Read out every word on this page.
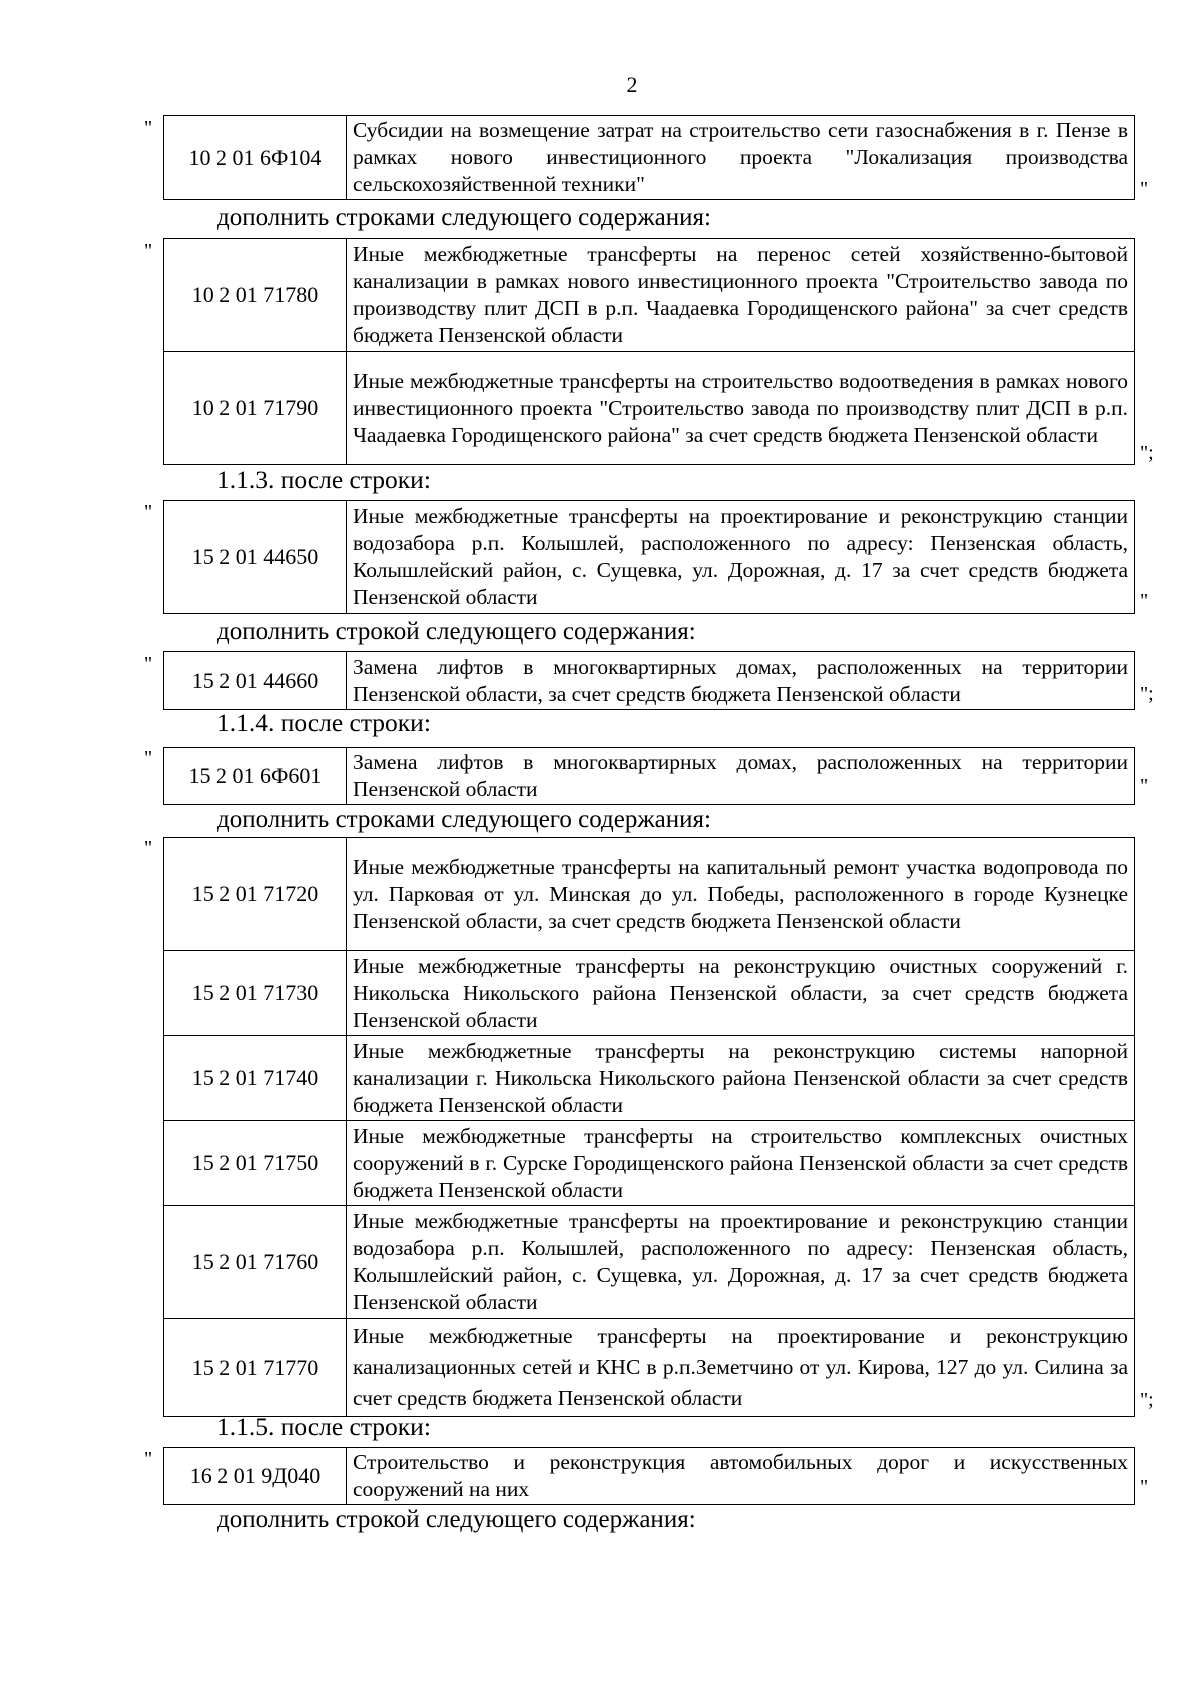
2
"
10 2 01 6Ф104	Субсидии на возмещение затрат на строительство сети газоснабжения в г. Пензе в рамках нового инвестиционного проекта "Локализация производства сельскохозяйственной техники"	"
дополнить строками следующего содержания:
"
10 2 01 71780	Иные межбюджетные трансферты на перенос сетей хозяйственно-бытовой канализации в рамках нового инвестиционного проекта "Строительство завода по производству плит ДСП в р.п. Чаадаевка Городищенского района" за счет средств бюджета Пензенской области
10 2 01 71790	Иные межбюджетные трансферты на строительство водоотведения в рамках нового инвестиционного проекта "Строительство завода по производству плит ДСП в р.п. Чаадаевка Городищенского района" за счет средств бюджета Пензенской области
";
1.1.3. после строки:
"
15 2 01 44650	Иные межбюджетные трансферты на проектирование и реконструкцию станции водозабора р.п. Колышлей, расположенного по адресу: Пензенская область, Колышлейский район, с. Сущевка, ул. Дорожная, д. 17 за счет средств бюджета Пензенской области	"
дополнить строкой следующего содержания:
"
15 2 01 44660	Замена лифтов в многоквартирных домах, расположенных на территории Пензенской области, за счет средств бюджета Пензенской области	";
1.1.4. после строки:
"
15 2 01 6Ф601	Замена лифтов в многоквартирных домах, расположенных на территории Пензенской области	"
дополнить строками следующего содержания:
"
15 2 01 71720	Иные межбюджетные трансферты на капитальный ремонт участка водопровода по ул. Парковая от ул. Минская до ул. Победы, расположенного в городе Кузнецке Пензенской области, за счет средств бюджета Пензенской области
15 2 01 71730	Иные межбюджетные трансферты на реконструкцию очистных сооружений г. Никольска Никольского района Пензенской области, за счет средств бюджета Пензенской области
15 2 01 71740	Иные межбюджетные трансферты на реконструкцию системы напорной канализации г. Никольска Никольского района Пензенской области за счет средств бюджета Пензенской области
15 2 01 71750	Иные межбюджетные трансферты на строительство комплексных очистных сооружений в г. Сурске Городищенского района Пензенской области за счет средств бюджета Пензенской области
15 2 01 71760	Иные межбюджетные трансферты на проектирование и реконструкцию станции водозабора р.п. Колышлей, расположенного по адресу: Пензенская область, Колышлейский район, с. Сущевка, ул. Дорожная, д. 17 за счет средств бюджета Пензенской области
15 2 01 71770	Иные межбюджетные трансферты на проектирование и реконструкцию канализационных сетей и КНС в р.п.Земетчино от ул. Кирова, 127 до ул. Силина за счет средств бюджета Пензенской области	";
1.1.5. после строки:
"
16 2 01 9Д040	Строительство и реконструкция автомобильных дорог и искусственных сооружений на них	"
дополнить строкой следующего содержания:
